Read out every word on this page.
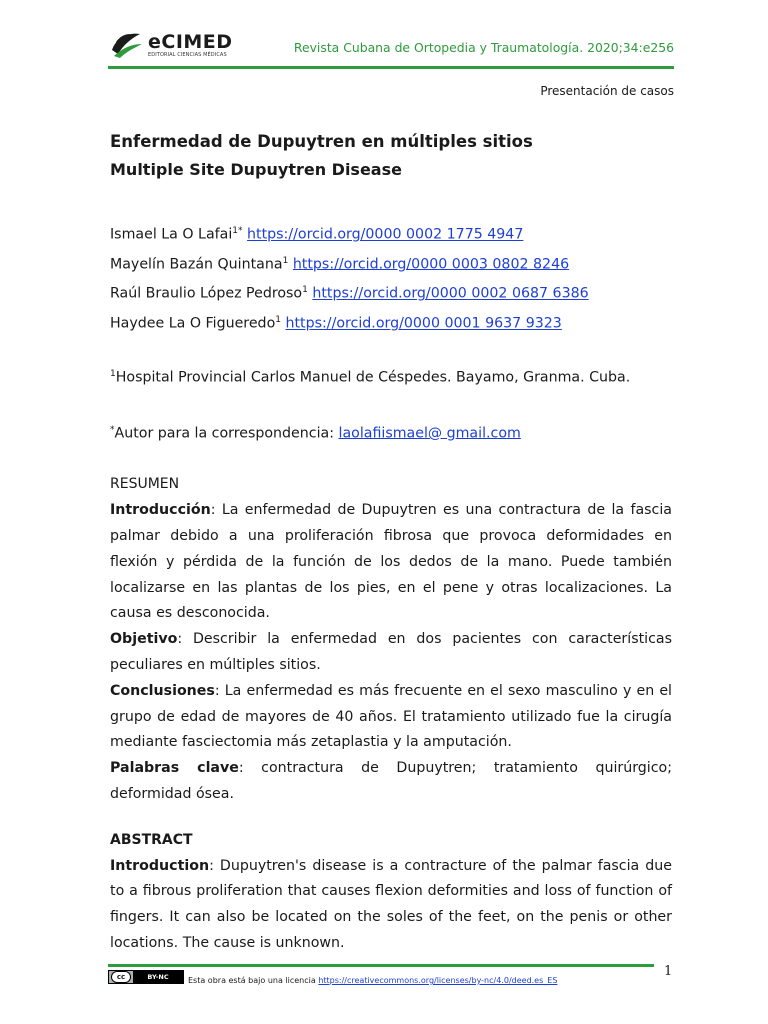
eCIMED
EDITORIAL CIENCIAS MÉDICAS	Revista Cubana de Ortopedia y Traumatología. 2020;34:e256
Presentación de casos
Enfermedad de Dupuytren en múltiples sitios
Multiple Site Dupuytren Disease
Ismael La O Lafai$^{1*}$ https://orcid.org/0000 0002 1775 4947
Mayelín Bazán Quintana$^1$ https://orcid.org/0000 0003 0802 8246
Raúl Braulio López Pedroso$^1$ https://orcid.org/0000 0002 0687 6386
Haydee La O Figueredo$^1$ https://orcid.org/0000 0001 9637 9323
$^1$Hospital Provincial Carlos Manuel de Céspedes. Bayamo, Granma. Cuba.
*Autor para la correspondencia: laolafiismael@ gmail.com
RESUMEN

Introducción: La enfermedad de Dupuytren es una contractura de la fascia palmar debido a una proliferación fibrosa que provoca deformidades en flexión y pérdida de la función de los dedos de la mano. Puede también localizarse en las plantas de los pies, en el pene y otras localizaciones. La causa es desconocida.

Objetivo: Describir la enfermedad en dos pacientes con características peculiares en múltiples sitios.

Conclusiones: La enfermedad es más frecuente en el sexo masculino y en el grupo de edad de mayores de 40 años. El tratamiento utilizado fue la cirugía mediante fasciectomia más zetaplastia y la amputación.

Palabras clave: contractura de Dupuytren; tratamiento quirúrgico; deformidad ósea.

ABSTRACT

Introduction: Dupuytren's disease is a contracture of the palmar fascia due to a fibrous proliferation that causes flexion deformities and loss of function of fingers. It can also be located on the soles of the feet, on the penis or other locations. The cause is unknown.

1
cc	BY-NC	Esta obra está bajo una licencia https://creativecommons.org/licenses/by-nc/4.0/deed.es_ES
